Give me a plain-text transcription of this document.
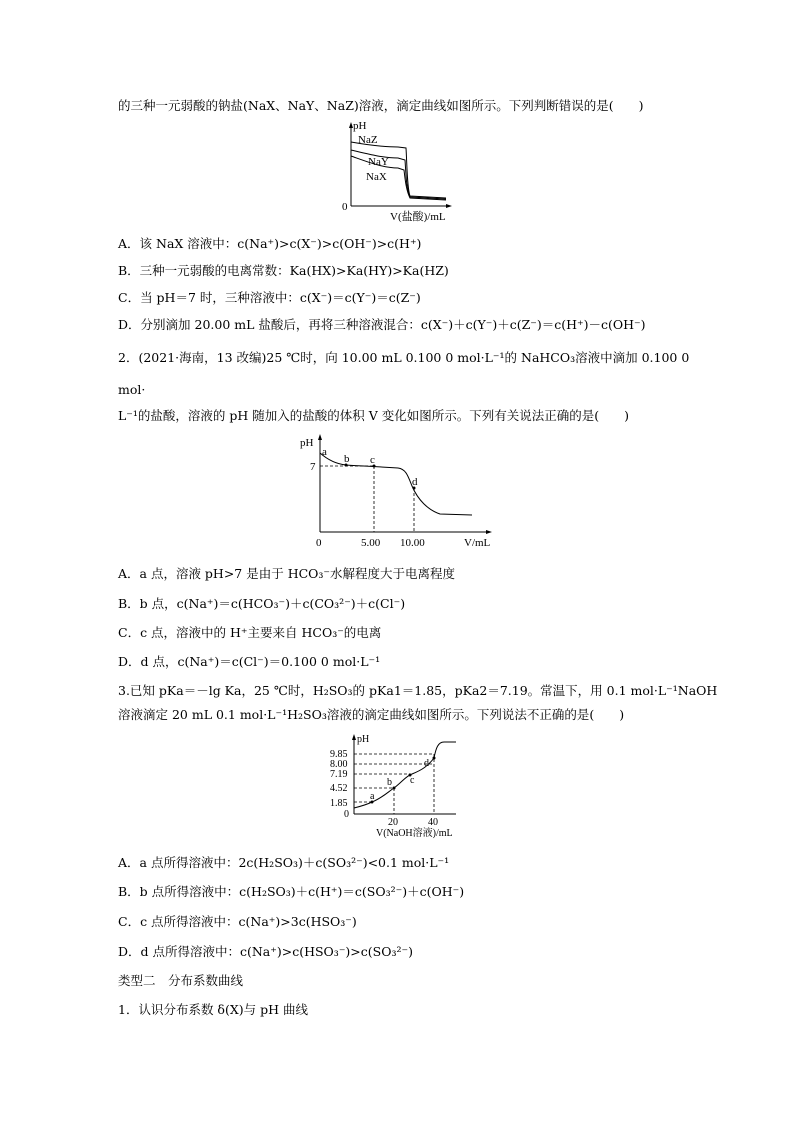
的三种一元弱酸的钠盐(NaX、NaY、NaZ)溶液，滴定曲线如图所示。下列判断错误的是(　　)
pH
0
V(盐酸)/mL
NaZ
NaY
NaX
A．该 NaX 溶液中：c(Na⁺)>c(X⁻)>c(OH⁻)>c(H⁺)
B．三种一元弱酸的电离常数：Ka(HX)>Ka(HY)>Ka(HZ)
C．当 pH＝7 时，三种溶液中：c(X⁻)＝c(Y⁻)＝c(Z⁻)
D．分别滴加 20.00 mL 盐酸后，再将三种溶液混合：c(X⁻)＋c(Y⁻)＋c(Z⁻)＝c(H⁺)－c(OH⁻)
2．(2021·海南，13 改编)25 ℃时，向 10.00 mL 0.100 0 mol·L⁻¹的 NaHCO₃溶液中滴加 0.100 0
mol·
L⁻¹的盐酸，溶液的 pH 随加入的盐酸的体积 V 变化如图所示。下列有关说法正确的是(　　)
pH
7
a
b c
d
0	5.00 10.00	V/mL
A．a 点，溶液 pH>7 是由于 HCO₃⁻水解程度大于电离程度
B．b 点，c(Na⁺)＝c(HCO₃⁻)＋c(CO₃²⁻)＋c(Cl⁻)
C．c 点，溶液中的 H⁺主要来自 HCO₃⁻的电离
D．d 点，c(Na⁺)＝c(Cl⁻)＝0.100 0 mol·L⁻¹
3.已知 pKa＝－lg Ka，25 ℃时，H₂SO₃的 pKa1＝1.85，pKa2＝7.19。常温下，用 0.1 mol·L⁻¹NaOH
溶液滴定 20 mL 0.1 mol·L⁻¹H₂SO₃溶液的滴定曲线如图所示。下列说法不正确的是(　　)
pH
9.85
8.00
7.19
4.52
1.85
a
b c
d
0
20	40
V(NaOH溶液)/mL
A．a 点所得溶液中：2c(H₂SO₃)＋c(SO₃²⁻)<0.1 mol·L⁻¹
B．b 点所得溶液中：c(H₂SO₃)＋c(H⁺)＝c(SO₃²⁻)＋c(OH⁻)
C．c 点所得溶液中：c(Na⁺)>3c(HSO₃⁻)
D．d 点所得溶液中：c(Na⁺)>c(HSO₃⁻)>c(SO₃²⁻)
类型二　分布系数曲线
1．认识分布系数 δ(X)与 pH 曲线
